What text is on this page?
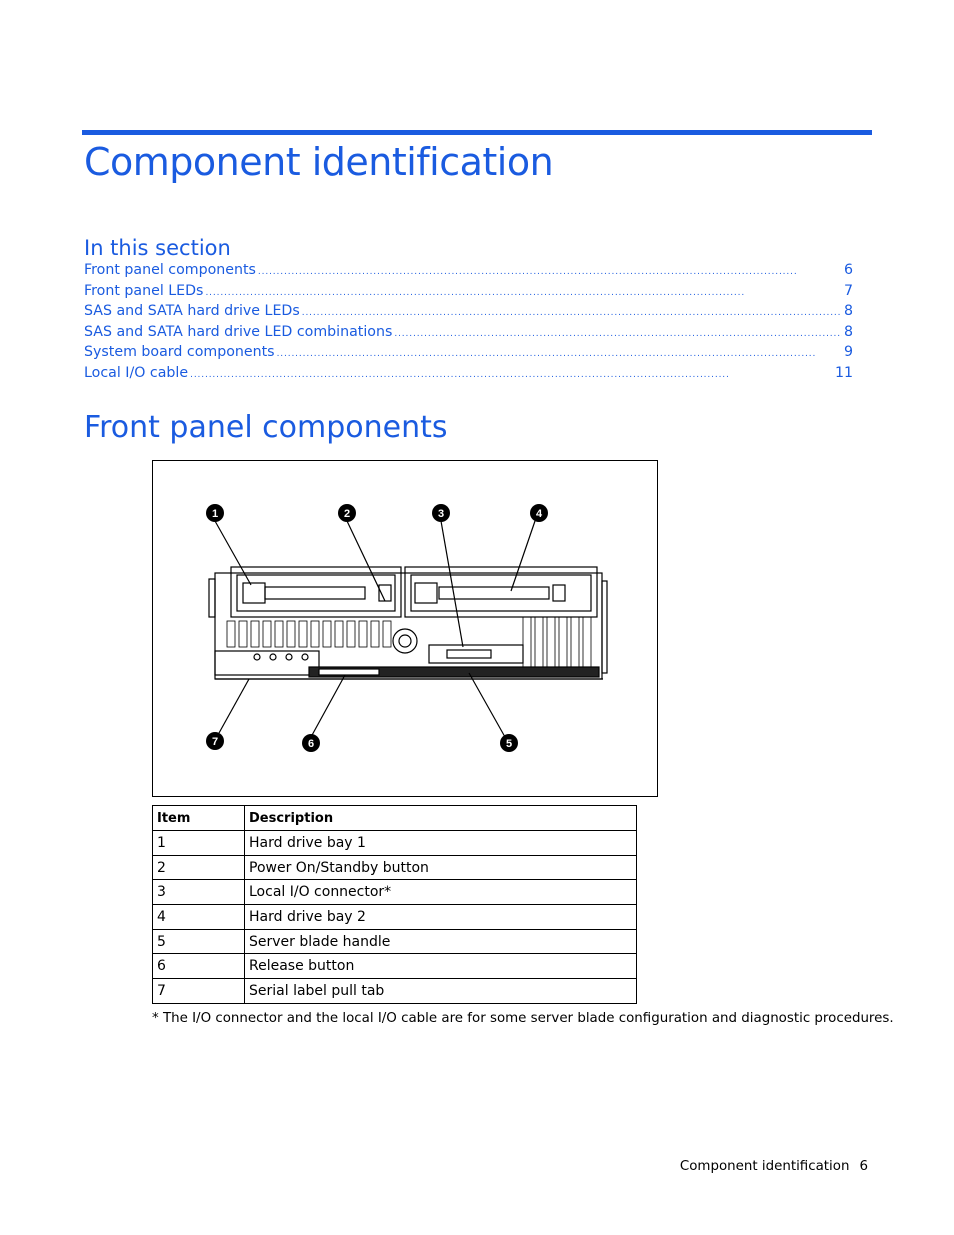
Component identification
In this section
Front panel components . . .	6
Front panel LEDs . . .	7
SAS and SATA hard drive LEDs . . .	8
SAS and SATA hard drive LED combinations . . .	8
System board components . . .	9
Local I/O cable . . .	11
Front panel components
1	2	3	4
5
6
7
Item	Description
1	Hard drive bay 1
2	Power On/Standby button
3	Local I/O connector*
4	Hard drive bay 2
5	Server blade handle
6	Release button
7	Serial label pull tab
* The I/O connector and the local I/O cable are for some server blade configuration and diagnostic procedures.
Component identification 6
